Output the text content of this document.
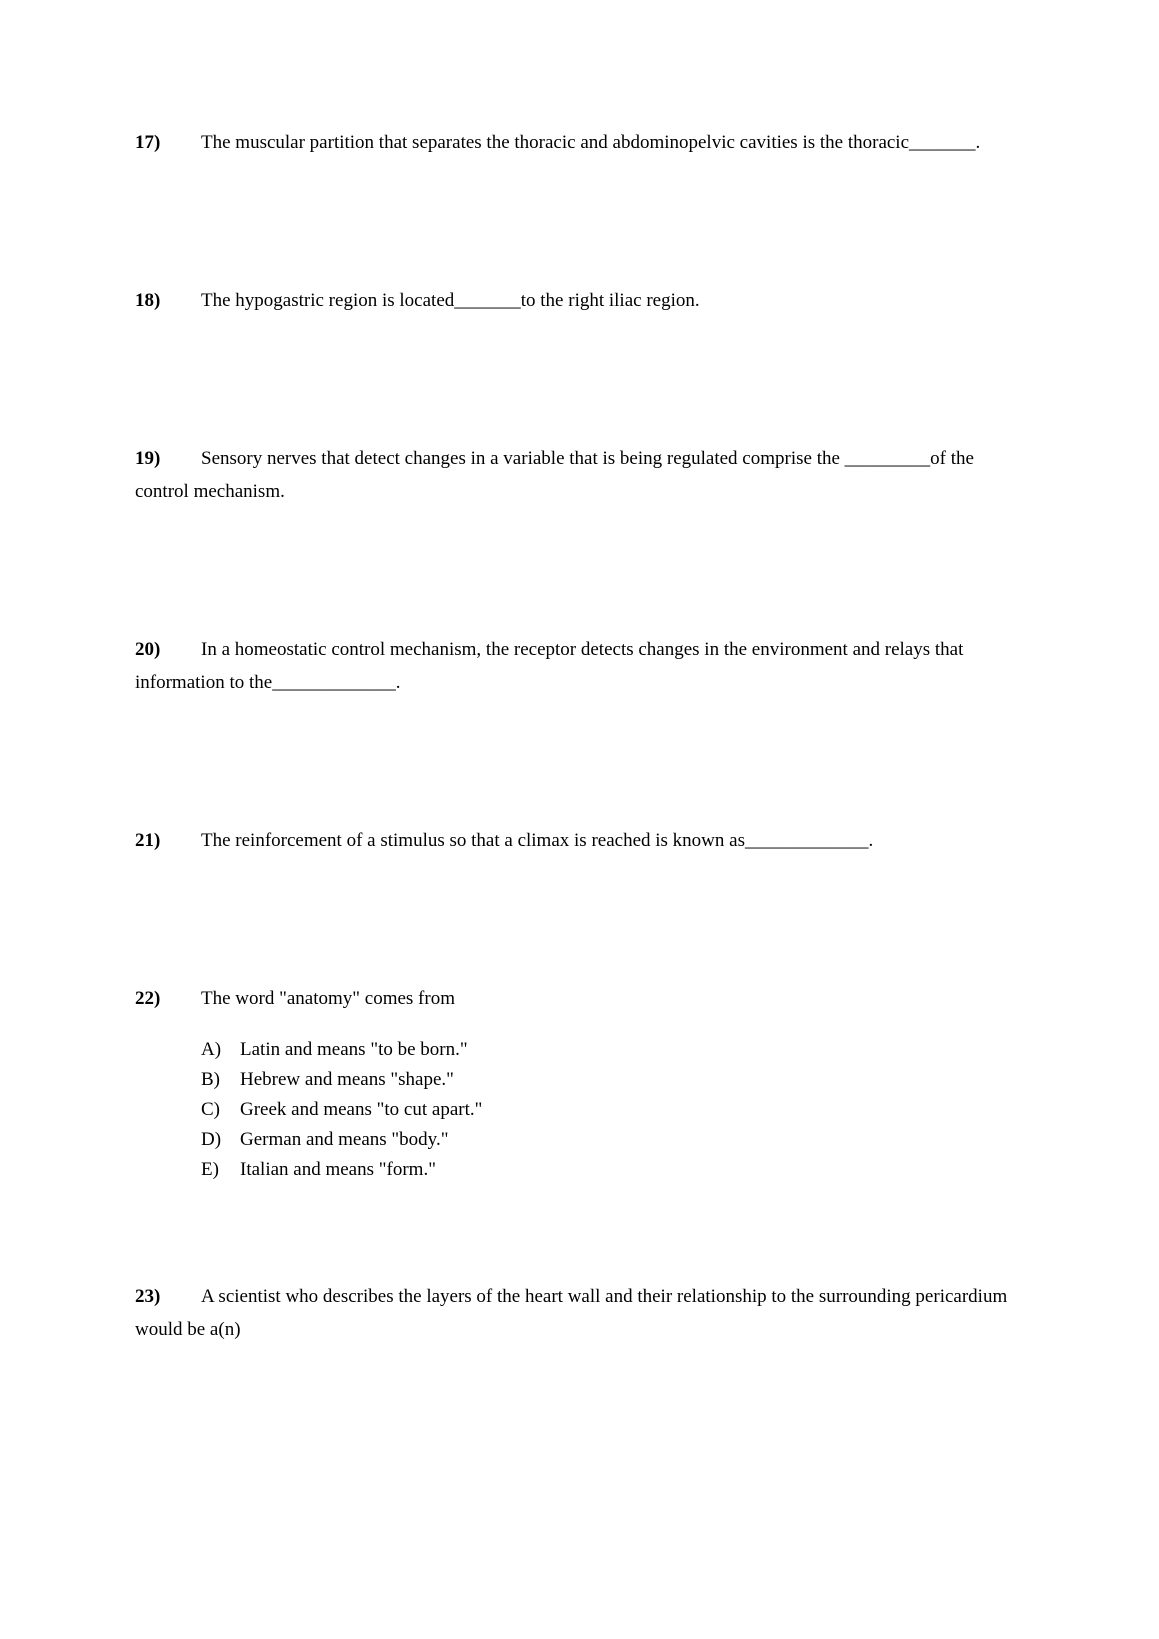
17) The muscular partition that separates the thoracic and abdominopelvic cavities is the thoracic_______.

18) The hypogastric region is located_______to the right iliac region.

19) Sensory nerves that detect changes in a variable that is being regulated comprise the _________of the control mechanism.

20) In a homeostatic control mechanism, the receptor detects changes in the environment and relays that information to the_____________.

21) The reinforcement of a stimulus so that a climax is reached is known as_____________.

22) The word "anatomy" comes from

A) Latin and means "to be born."
B) Hebrew and means "shape."
C) Greek and means "to cut apart."
D) German and means "body."
E) Italian and means "form."

23) A scientist who describes the layers of the heart wall and their relationship to the surrounding pericardium would be a(n)
